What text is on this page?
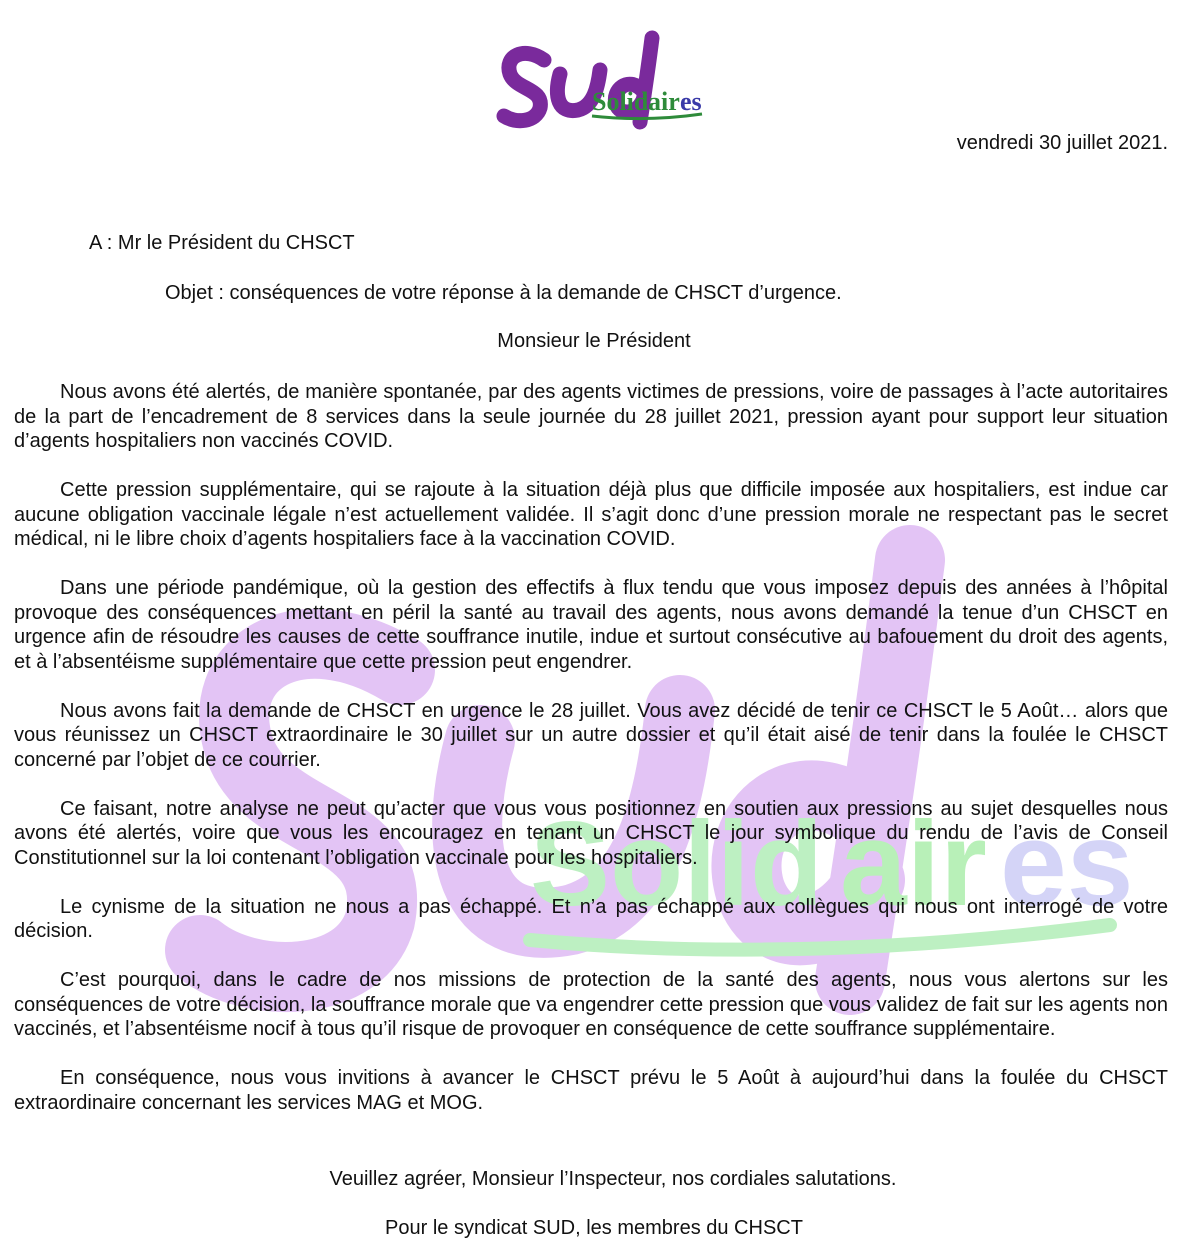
Solid air es
Solid air es
vendredi 30 juillet 2021.
A : Mr le Président du CHSCT
Objet : conséquences de votre réponse à la demande de CHSCT d’urgence.
Monsieur le Président

Nous avons été alertés, de manière spontanée, par des agents victimes de pressions, voire de passages à l’acte autoritaires de la part de l’encadrement de 8 services dans la seule journée du 28 juillet 2021, pression ayant pour support leur situation d’agents hospitaliers non vaccinés COVID.

Cette pression supplémentaire, qui se rajoute à la situation déjà plus que difficile imposée aux hospitaliers, est indue car aucune obligation vaccinale légale n’est actuellement validée. Il s’agit donc d’une pression morale ne respectant pas le secret médical, ni le libre choix d’agents hospitaliers face à la vaccination COVID.

Dans une période pandémique, où la gestion des effectifs à flux tendu que vous imposez depuis des années à l’hôpital provoque des conséquences mettant en péril la santé au travail des agents, nous avons demandé la tenue d’un CHSCT en urgence afin de résoudre les causes de cette souffrance inutile, indue et surtout consécutive au bafouement du droit des agents, et à l’absentéisme supplémentaire que cette pression peut engendrer.

Nous avons fait la demande de CHSCT en urgence le 28 juillet. Vous avez décidé de tenir ce CHSCT le 5 Août… alors que vous réunissez un CHSCT extraordinaire le 30 juillet sur un autre dossier et qu’il était aisé de tenir dans la foulée le CHSCT concerné par l’objet de ce courrier.

Ce faisant, notre analyse ne peut qu’acter que vous vous positionnez en soutien aux pressions au sujet desquelles nous avons été alertés, voire que vous les encouragez en tenant un CHSCT le jour symbolique du rendu de l’avis de Conseil Constitutionnel sur la loi contenant l’obligation vaccinale pour les hospitaliers.

Le cynisme de la situation ne nous a pas échappé. Et n’a pas échappé aux collègues qui nous ont interrogé de votre décision.

C’est pourquoi, dans le cadre de nos missions de protection de la santé des agents, nous vous alertons sur les conséquences de votre décision, la souffrance morale que va engendrer cette pression que vous validez de fait sur les agents non vaccinés, et l’absentéisme nocif à tous qu’il risque de provoquer en conséquence de cette souffrance supplémentaire.

En conséquence, nous vous invitions à avancer le CHSCT prévu le 5 Août à aujourd’hui dans la foulée du CHSCT extraordinaire concernant les services MAG et MOG.

Veuillez agréer, Monsieur l’Inspecteur, nos cordiales salutations.
Pour le syndicat SUD, les membres du CHSCT
